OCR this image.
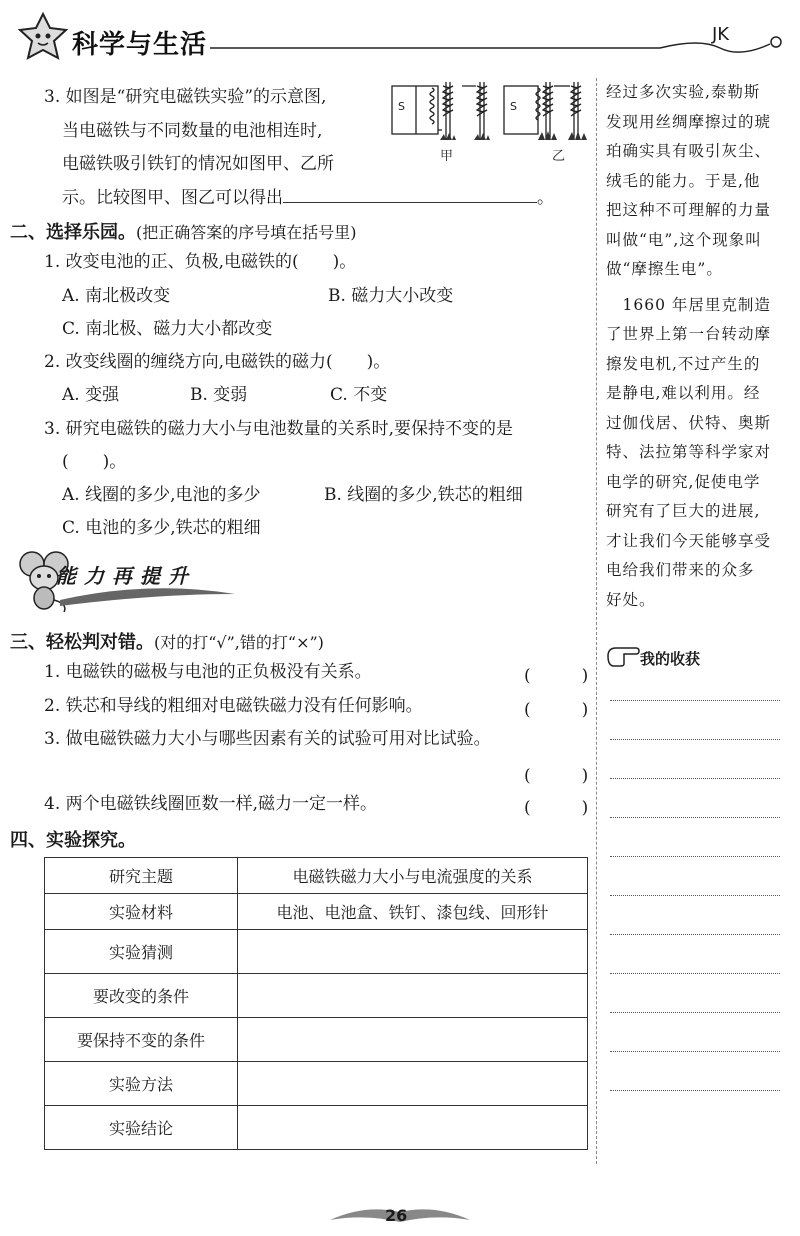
科学与生活	JK
3. 如图是“研究电磁铁实验”的示意图,
当电磁铁与不同数量的电池相连时,
电磁铁吸引铁钉的情况如图甲、乙所
示。比较图甲、图乙可以得出	。
S
甲
S
乙
二、选择乐园。(把正确答案的序号填在括号里)
1. 改变电池的正、负极,电磁铁的(　　)。
A. 南北极改变	B. 磁力大小改变
C. 南北极、磁力大小都改变
2. 改变线圈的缠绕方向,电磁铁的磁力(　　)。
A. 变强	B. 变弱	C. 不变
3. 研究电磁铁的磁力大小与电池数量的关系时,要保持不变的是
(　　)。
A. 线圈的多少,电池的多少	B. 线圈的多少,铁芯的粗细
C. 电池的多少,铁芯的粗细
能力再提升
三、轻松判对错。(对的打“√”,错的打“×”)
1. 电磁铁的磁极与电池的正负极没有关系。	(　　　)
2. 铁芯和导线的粗细对电磁铁磁力没有任何影响。	(　　　)
3. 做电磁铁磁力大小与哪些因素有关的试验可用对比试验。
(　　　)
4. 两个电磁铁线圈匝数一样,磁力一定一样。	(　　　)
四、实验探究。
研究主题	电磁铁磁力大小与电流强度的关系
实验材料	电池、电池盒、铁钉、漆包线、回形针
实验猜测	
要改变的条件	
要保持不变的条件	
实验方法	
实验结论	

经过多次实验,泰勒斯

发现用丝绸摩擦过的琥

珀确实具有吸引灰尘、

绒毛的能力。于是,他

把这种不可理解的力量

叫做“电”,这个现象叫

做“摩擦生电”。

　1660 年居里克制造

了世界上第一台转动摩

擦发电机,不过产生的

是静电,难以利用。经

过伽伐居、伏特、奥斯

特、法拉第等科学家对

电学的研究,促使电学

研究有了巨大的进展,

才让我们今天能够享受

电给我们带来的众多

好处。

我的收获
26
